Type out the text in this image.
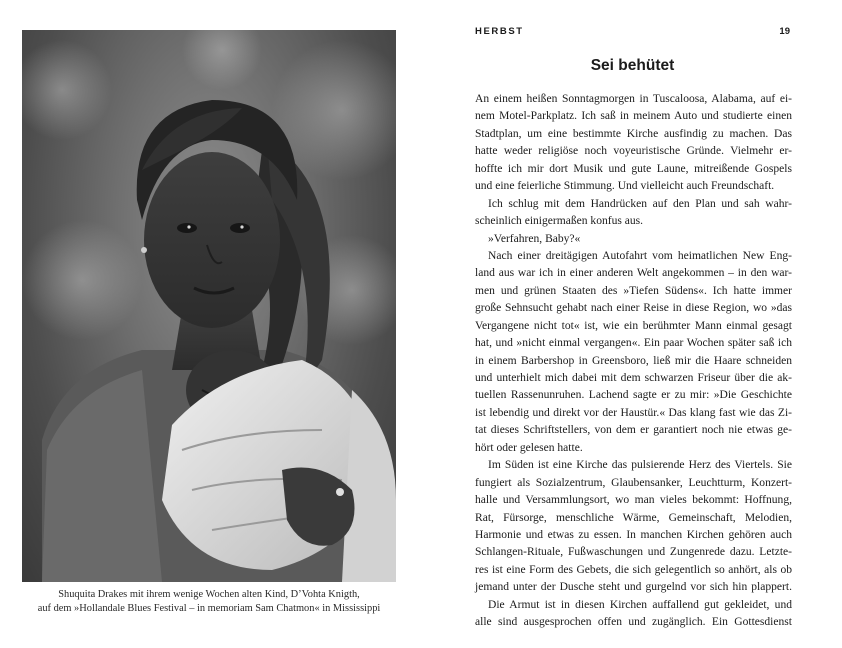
Shuquita Drakes mit ihrem wenige Wochen alten Kind, D’Vohta Knigth,
auf dem »Hollandale Blues Festival – in memoriam Sam Chatmon« in Mississippi
HERBST	19
Sei behütet
An einem heißen Sonntagmorgen in Tuscaloosa, Alabama, auf ei-
nem Motel-Parkplatz. Ich saß in meinem Auto und studierte einen
Stadtplan, um eine bestimmte Kirche ausfindig zu machen. Das
hatte weder religiöse noch voyeuristische Gründe. Vielmehr er-
hoffte ich mir dort Musik und gute Laune, mitreißende Gospels
und eine feierliche Stimmung. Und vielleicht auch Freundschaft.
Ich schlug mit dem Handrücken auf den Plan und sah wahr-
scheinlich einigermaßen konfus aus.
»Verfahren, Baby?«
Nach einer dreitägigen Autofahrt vom heimatlichen New Eng-
land aus war ich in einer anderen Welt angekommen – in den war-
men und grünen Staaten des »Tiefen Südens«. Ich hatte immer
große Sehnsucht gehabt nach einer Reise in diese Region, wo »das
Vergangene nicht tot« ist, wie ein berühmter Mann einmal gesagt
hat, und »nicht einmal vergangen«. Ein paar Wochen später saß ich
in einem Barbershop in Greensboro, ließ mir die Haare schneiden
und unterhielt mich dabei mit dem schwarzen Friseur über die ak-
tuellen Rassenunruhen. Lachend sagte er zu mir: »Die Geschichte
ist lebendig und direkt vor der Haustür.« Das klang fast wie das Zi-
tat dieses Schriftstellers, von dem er garantiert noch nie etwas ge-
hört oder gelesen hatte.
Im Süden ist eine Kirche das pulsierende Herz des Viertels. Sie
fungiert als Sozialzentrum, Glaubensanker, Leuchtturm, Konzert-
halle und Versammlungsort, wo man vieles bekommt: Hoffnung,
Rat, Fürsorge, menschliche Wärme, Gemeinschaft, Melodien,
Harmonie und etwas zu essen. In manchen Kirchen gehören auch
Schlangen-Rituale, Fußwaschungen und Zungenrede dazu. Letzte-
res ist eine Form des Gebets, die sich gelegentlich so anhört, als ob
jemand unter der Dusche steht und gurgelnd vor sich hin plappert.
Die Armut ist in diesen Kirchen auffallend gut gekleidet, und
alle sind ausgesprochen offen und zugänglich. Ein Gottesdienst
